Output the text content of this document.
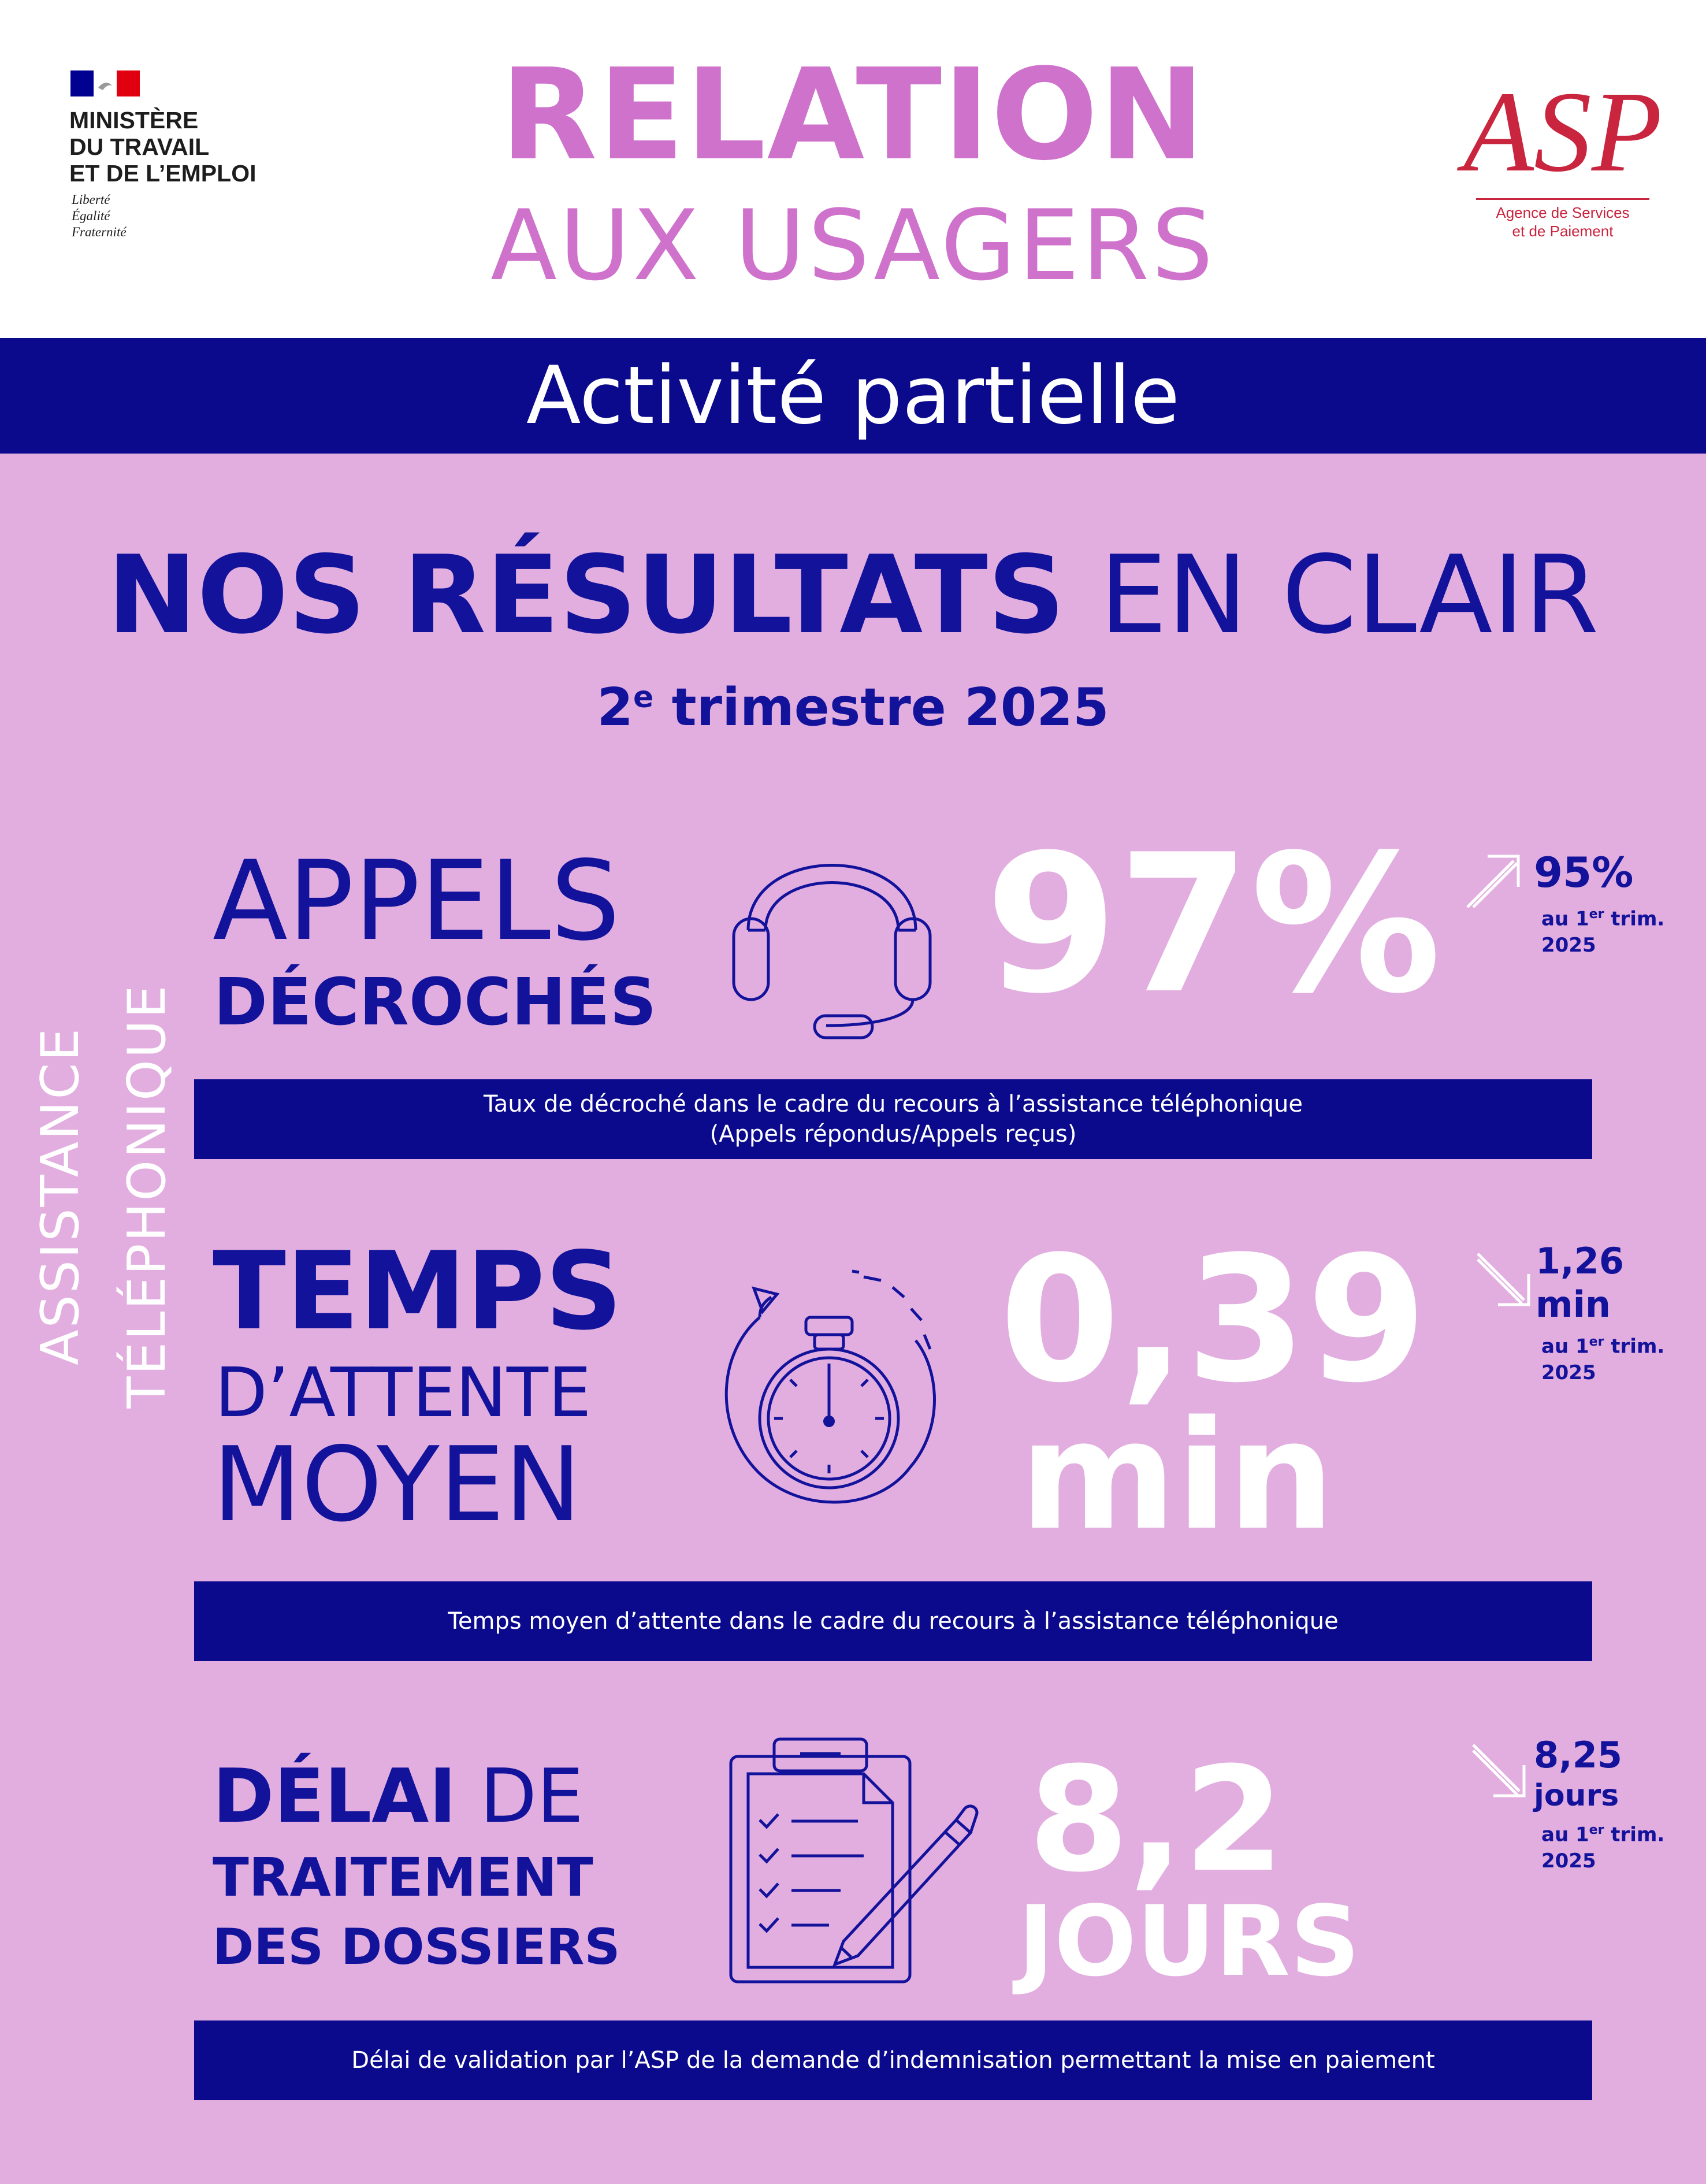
MINISTÈRE
DU TRAVAIL
ET DE L’EMPLOI
Liberté
Égalité
Fraternité
RELATION
AUX USAGERS
ASP
Agence de Services
et de Paiement
Activité partielle
NOS RÉSULTATS EN CLAIR
2e trimestre 2025
ASSISTANCE TÉLÉPHONIQUE
APPELS
DÉCROCHÉS 97% 95%
au 1er trim.
2025
Taux de décroché dans le cadre du recours à l’assistance téléphonique
(Appels répondus/Appels reçus)
TEMPS
D’ATTENTE
MOYEN
0,39
min
1,26
min
au 1er trim.
2025
Temps moyen d’attente dans le cadre du recours à l’assistance téléphonique
DÉLAI DE
TRAITEMENT
DES DOSSIERS
8,2
JOURS
8,25
jours
au 1er trim.
2025
Délai de validation par l’ASP de la demande d’indemnisation permettant la mise en paiement
